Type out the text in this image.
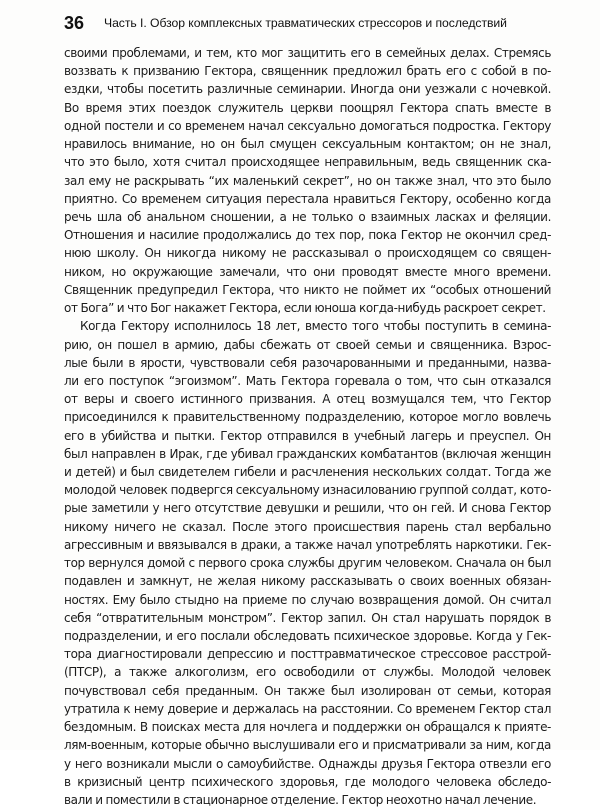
36 Часть I. Обзор комплексных травматических стрессоров и последствий
своими проблемами, и тем, кто мог защитить его в семейных делах. Стремясь
воззвать к призванию Гектора, священник предложил брать его с собой в по-
ездки, чтобы посетить различные семинарии. Иногда они уезжали с ночевкой.
Во время этих поездок служитель церкви поощрял Гектора спать вместе в
одной постели и со временем начал сексуально домогаться подростка. Гектору
нравилось внимание, но он был смущен сексуальным контактом; он не знал,
что это было, хотя считал происходящее неправильным, ведь священник ска-
зал ему не раскрывать “их маленький секрет”, но он также знал, что это было
приятно. Со временем ситуация перестала нравиться Гектору, особенно когда
речь шла об анальном сношении, а не только о взаимных ласках и феляции.
Отношения и насилие продолжались до тех пор, пока Гектор не окончил сред-
нюю школу. Он никогда никому не рассказывал о происходящем со священ-
ником, но окружающие замечали, что они проводят вместе много времени.
Священник предупредил Гектора, что никто не поймет их “особых отношений
от Бога” и что Бог накажет Гектора, если юноша когда-нибудь раскроет секрет.
Когда Гектору исполнилось 18 лет, вместо того чтобы поступить в семина-
рию, он пошел в армию, дабы сбежать от своей семьи и священника. Взрос-
лые были в ярости, чувствовали себя разочарованными и преданными, назва-
ли его поступок “эгоизмом”. Мать Гектора горевала о том, что сын отказался
от веры и своего истинного призвания. А отец возмущался тем, что Гектор
присоединился к правительственному подразделению, которое могло вовлечь
его в убийства и пытки. Гектор отправился в учебный лагерь и преуспел. Он
был направлен в Ирак, где убивал гражданских комбатантов (включая женщин
и детей) и был свидетелем гибели и расчленения нескольких солдат. Тогда же
молодой человек подвергся сексуальному изнасилованию группой солдат, кото-
рые заметили у него отсутствие девушки и решили, что он гей. И снова Гектор
никому ничего не сказал. После этого происшествия парень стал вербально
агрессивным и ввязывался в драки, а также начал употреблять наркотики. Гек-
тор вернулся домой с первого срока службы другим человеком. Сначала он был
подавлен и замкнут, не желая никому рассказывать о своих военных обязан-
ностях. Ему было стыдно на приеме по случаю возвращения домой. Он считал
себя “отвратительным монстром”. Гектор запил. Он стал нарушать порядок в
подразделении, и его послали обследовать психическое здоровье. Когда у Гек-
тора диагностировали депрессию и посттравматическое стрессовое расстрой-
(ПТСР), а также алкоголизм, его освободили от службы. Молодой человек
почувствовал себя преданным. Он также был изолирован от семьи, которая
утратила к нему доверие и держалась на расстоянии. Со временем Гектор стал
бездомным. В поисках места для ночлега и поддержки он обращался к прияте-
лям-военным, которые обычно выслушивали его и присматривали за ним, когда
у него возникали мысли о самоубийстве. Однажды друзья Гектора отвезли его
в кризисный центр психического здоровья, где молодого человека обследо-
вали и поместили в стационарное отделение. Гектор неохотно начал лечение.
